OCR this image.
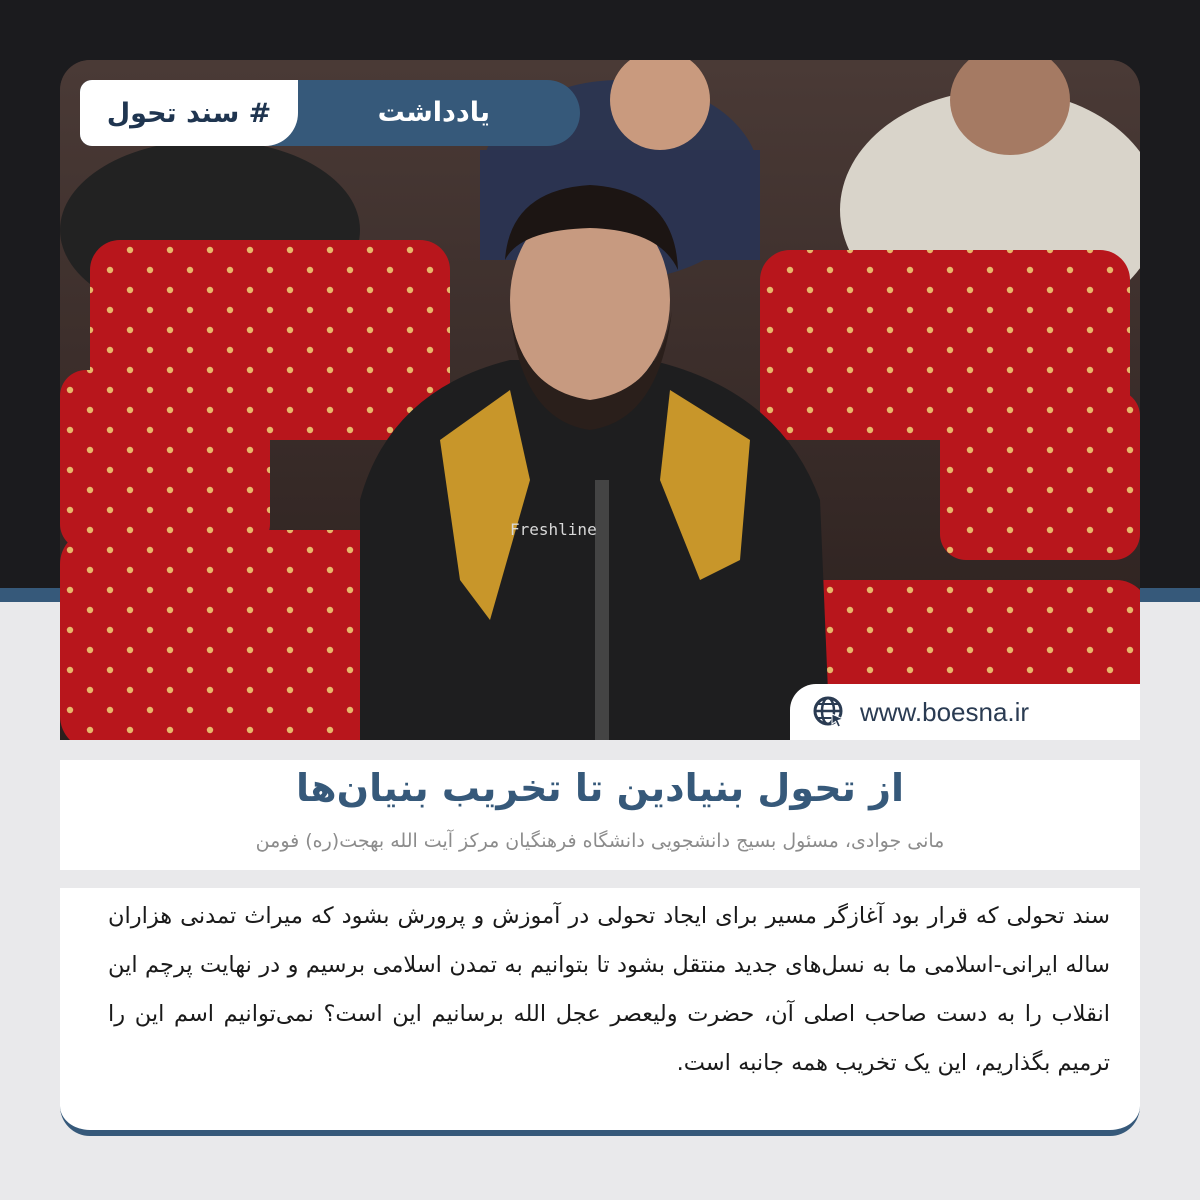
Freshline
# سند تحول	یادداشت
www.boesna.ir
از تحول بنیادین تا تخریب بنیان‌ها
مانی جوادی، مسئول بسیج دانشجویی دانشگاه فرهنگیان مرکز آیت الله بهجت(ره) فومن
سند تحولی که قرار بود آغازگر مسیر برای ایجاد تحولی در آموزش و پرورش بشود که میراث تمدنی هزاران ساله ایرانی-اسلامی ما به نسل‌های جدید منتقل بشود تا بتوانیم به تمدن اسلامی برسیم و در نهایت پرچم این انقلاب را به دست صاحب اصلی آن، حضرت ولیعصر عجل الله برسانیم این است؟ نمی‌توانیم اسم این را ترمیم بگذاریم، این یک تخریب همه جانبه است.
